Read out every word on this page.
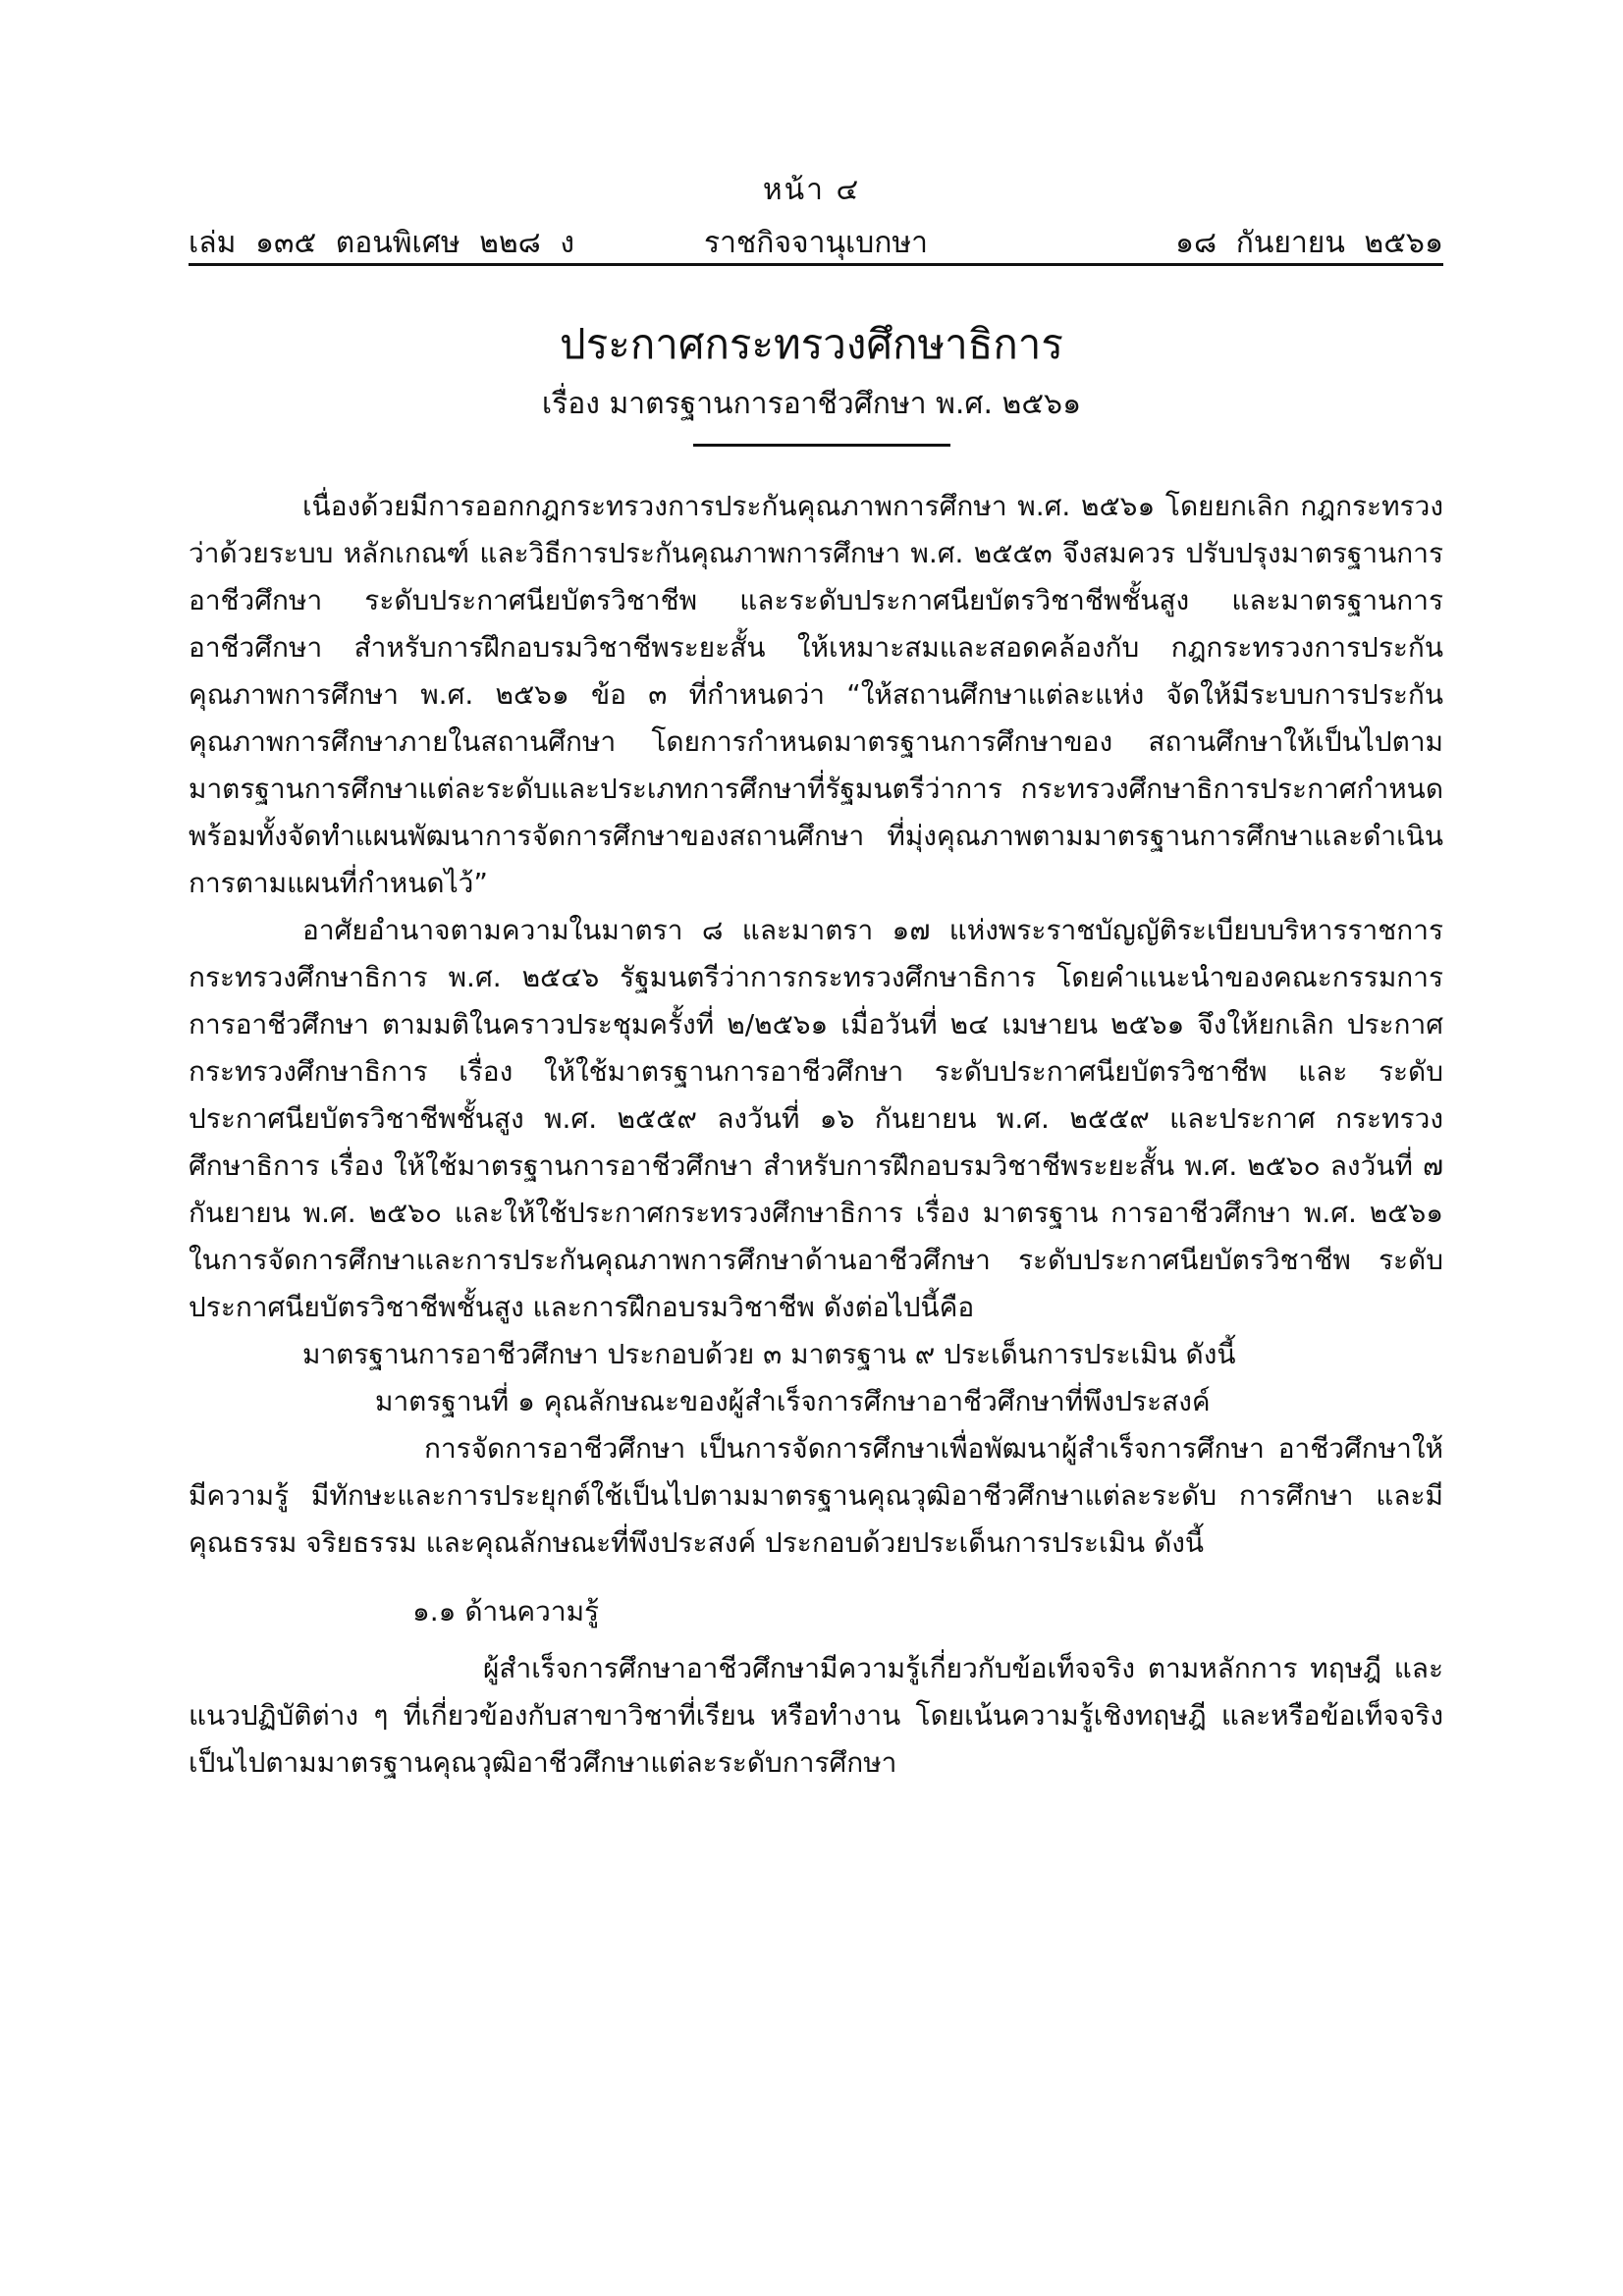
หน้า ๔
เล่ม ๑๓๕ ตอนพิเศษ ๒๒๘ ง	ราชกิจจานุเบกษา	๑๘ กันยายน ๒๕๖๑
ประกาศกระทรวงศึกษาธิการ
เรื่อง มาตรฐานการอาชีวศึกษา พ.ศ. ๒๕๖๑

เนื่องด้วยมีการออกกฎกระทรวงการประกันคุณภาพการศึกษา พ.ศ. ๒๕๖๑ โดยยกเลิก กฎกระทรวงว่าด้วยระบบ หลักเกณฑ์ และวิธีการประกันคุณภาพการศึกษา พ.ศ. ๒๕๕๓ จึงสมควร ปรับปรุงมาตรฐานการอาชีวศึกษา ระดับประกาศนียบัตรวิชาชีพ และระดับประกาศนียบัตรวิชาชีพชั้นสูง และมาตรฐานการอาชีวศึกษา สำหรับการฝึกอบรมวิชาชีพระยะสั้น ให้เหมาะสมและสอดคล้องกับ กฎกระทรวงการประกันคุณภาพการศึกษา พ.ศ. ๒๕๖๑ ข้อ ๓ ที่กำหนดว่า “ให้สถานศึกษาแต่ละแห่ง จัดให้มีระบบการประกันคุณภาพการศึกษาภายในสถานศึกษา โดยการกำหนดมาตรฐานการศึกษาของ สถานศึกษาให้เป็นไปตามมาตรฐานการศึกษาแต่ละระดับและประเภทการศึกษาที่รัฐมนตรีว่าการ กระทรวงศึกษาธิการประกาศกำหนด พร้อมทั้งจัดทำแผนพัฒนาการจัดการศึกษาของสถานศึกษา ที่มุ่งคุณภาพตามมาตรฐานการศึกษาและดำเนินการตามแผนที่กำหนดไว้”

อาศัยอำนาจตามความในมาตรา ๘ และมาตรา ๑๗ แห่งพระราชบัญญัติระเบียบบริหารราชการ กระทรวงศึกษาธิการ พ.ศ. ๒๕๔๖ รัฐมนตรีว่าการกระทรวงศึกษาธิการ โดยคำแนะนำของคณะกรรมการ การอาชีวศึกษา ตามมติในคราวประชุมครั้งที่ ๒/๒๕๖๑ เมื่อวันที่ ๒๔ เมษายน ๒๕๖๑ จึงให้ยกเลิก ประกาศกระทรวงศึกษาธิการ เรื่อง ให้ใช้มาตรฐานการอาชีวศึกษา ระดับประกาศนียบัตรวิชาชีพ และ ระดับประกาศนียบัตรวิชาชีพชั้นสูง พ.ศ. ๒๕๕๙ ลงวันที่ ๑๖ กันยายน พ.ศ. ๒๕๕๙ และประกาศ กระทรวงศึกษาธิการ เรื่อง ให้ใช้มาตรฐานการอาชีวศึกษา สำหรับการฝึกอบรมวิชาชีพระยะสั้น พ.ศ. ๒๕๖๐ ลงวันที่ ๗ กันยายน พ.ศ. ๒๕๖๐ และให้ใช้ประกาศกระทรวงศึกษาธิการ เรื่อง มาตรฐาน การอาชีวศึกษา พ.ศ. ๒๕๖๑ ในการจัดการศึกษาและการประกันคุณภาพการศึกษาด้านอาชีวศึกษา ระดับประกาศนียบัตรวิชาชีพ ระดับประกาศนียบัตรวิชาชีพชั้นสูง และการฝึกอบรมวิชาชีพ ดังต่อไปนี้คือ

มาตรฐานการอาชีวศึกษา ประกอบด้วย ๓ มาตรฐาน ๙ ประเด็นการประเมิน ดังนี้

มาตรฐานที่ ๑ คุณลักษณะของผู้สำเร็จการศึกษาอาชีวศึกษาที่พึงประสงค์

การจัดการอาชีวศึกษา เป็นการจัดการศึกษาเพื่อพัฒนาผู้สำเร็จการศึกษา อาชีวศึกษาให้มีความรู้ มีทักษะและการประยุกต์ใช้เป็นไปตามมาตรฐานคุณวุฒิอาชีวศึกษาแต่ละระดับ การศึกษา และมีคุณธรรม จริยธรรม และคุณลักษณะที่พึงประสงค์ ประกอบด้วยประเด็นการประเมิน ดังนี้

๑.๑ ด้านความรู้

ผู้สำเร็จการศึกษาอาชีวศึกษามีความรู้เกี่ยวกับข้อเท็จจริง ตามหลักการ ทฤษฎี และแนวปฏิบัติต่าง ๆ ที่เกี่ยวข้องกับสาขาวิชาที่เรียน หรือทำงาน โดยเน้นความรู้เชิงทฤษฎี และหรือข้อเท็จจริง เป็นไปตามมาตรฐานคุณวุฒิอาชีวศึกษาแต่ละระดับการศึกษา
